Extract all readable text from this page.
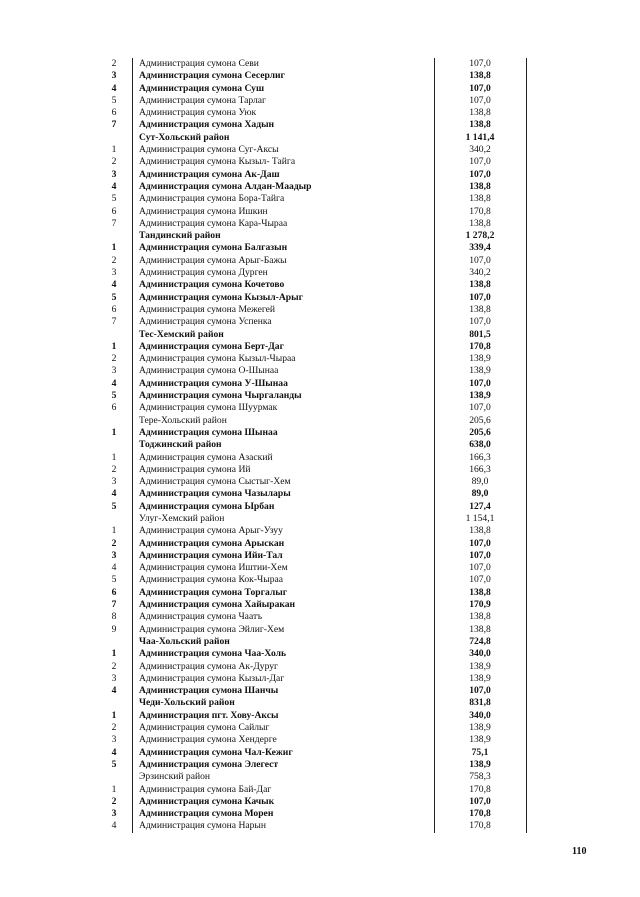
2	Администрация сумона Севи	107,0
3	Администрация сумона Сесерлиг	138,8
4	Администрация сумона Суш	107,0
5	Администрация сумона Тарлаг	107,0
6	Администрация сумона Уюк	138,8
7	Администрация сумона Хадын	138,8
Сут-Хольский район	1 141,4
1	Администрация сумона Суг-Аксы	340,2
2	Администрация сумона Кызыл- Тайга	107,0
3	Администрация сумона Ак-Даш	107,0
4	Администрация сумона Алдан-Маадыр	138,8
5	Администрация сумона Бора-Тайга	138,8
6	Администрация сумона Ишкин	170,8
7	Администрация сумона Кара-Чыраа	138,8
Тандинский район	1 278,2
1	Администрация сумона Балгазын	339,4
2	Администрация сумона Арыг-Бажы	107,0
3	Администрация сумона Дурген	340,2
4	Администрация сумона Кочетово	138,8
5	Администрация сумона Кызыл-Арыг	107,0
6	Администрация сумона Межегей	138,8
7	Администрация сумона Успенка	107,0
Тес-Хемский район	801,5
1	Администрация сумона Берт-Даг	170,8
2	Администрация сумона Кызыл-Чыраа	138,9
3	Администрация сумона О-Шынаа	138,9
4	Администрация сумона У-Шынаа	107,0
5	Администрация сумона Чыргаланды	138,9
6	Администрация сумона Шуурмак	107,0
Тере-Хольский район	205,6
1	Администрация сумона Шынаа	205,6
Тоджинский район	638,0
1	Администрация сумона Азаский	166,3
2	Администрация сумона Ий	166,3
3	Администрация сумона Сыстыг-Хем	89,0
4	Администрация сумона Чазылары	89,0
5	Администрация сумона Ырбан	127,4
Улуг-Хемский район	1 154,1
1	Администрация сумона Арыг-Узуу	138,8
2	Администрация сумона Арыскан	107,0
3	Администрация сумона Ийи-Тал	107,0
4	Администрация сумона Иштии-Хем	107,0
5	Администрация сумона Кок-Чыраа	107,0
6	Администрация сумона Торгалыг	138,8
7	Администрация сумона Хайыракан	170,9
8	Администрация сумона Чаатъ	138,8
9	Администрация сумона Эйлиг-Хем	138,8
Чаа-Хольский район	724,8
1	Администрация сумона Чаа-Холь	340,0
2	Администрация сумона Ак-Дуруг	138,9
3	Администрация сумона Кызыл-Даг	138,9
4	Администрация сумона Шанчы	107,0
Чеди-Хольский район	831,8
1	Администрация пгт. Хову-Аксы	340,0
2	Администрация сумона Сайлыг	138,9
3	Администрация сумона Хендерге	138,9
4	Администрация сумона Чал-Кежиг	75,1
5	Администрация сумона Элегест	138,9
Эрзинский район	758,3
1	Администрация сумона Бай-Даг	170,8
2	Администрация сумона Качык	107,0
3	Администрация сумона Морен	170,8
4	Администрация сумона Нарын	170,8
110
